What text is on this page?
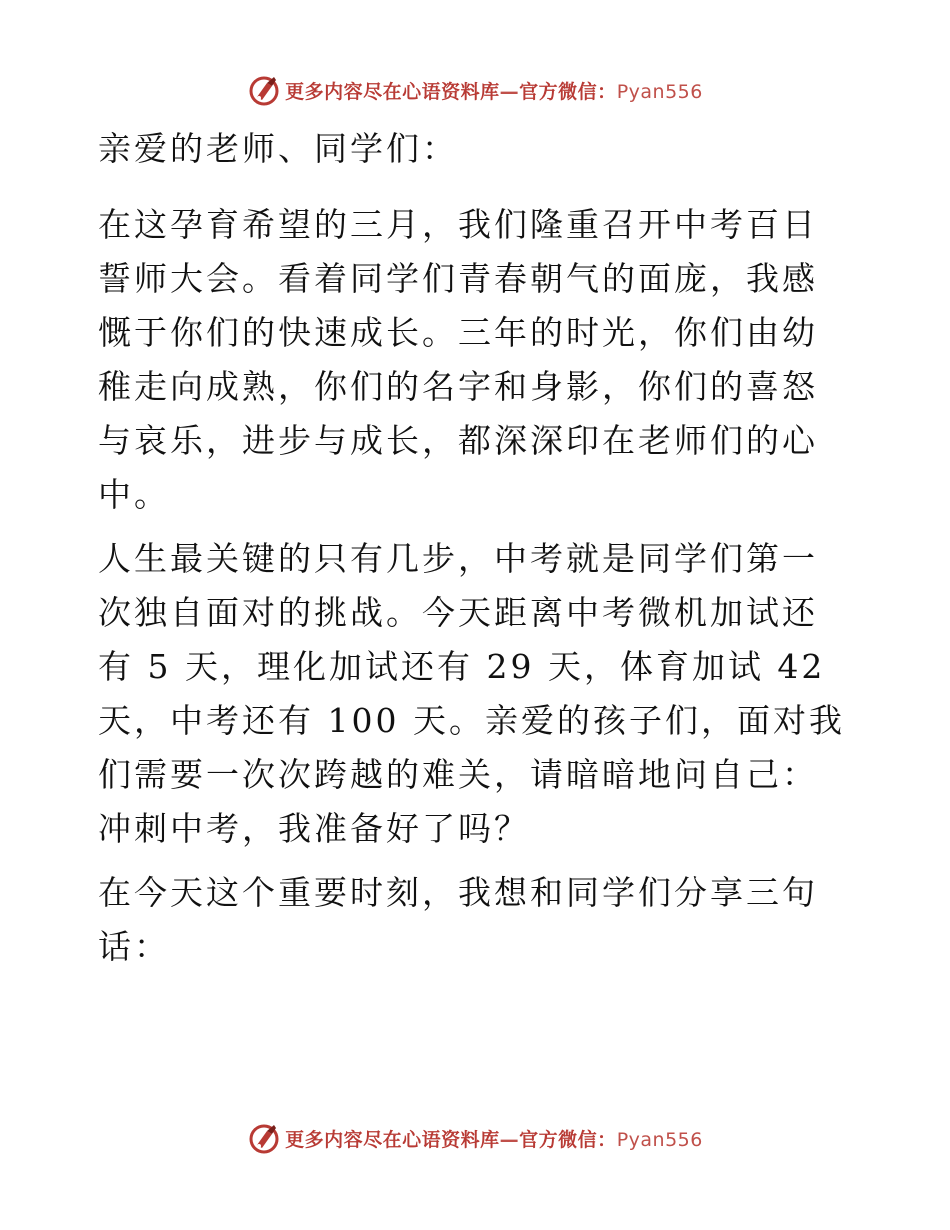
更多内容尽在心语资料库—官方微信：Pyan556

亲爱的老师、同学们：

在这孕育希望的三月，我们隆重召开中考百日誓师大会。看着同学们青春朝气的面庞，我感慨于你们的快速成长。三年的时光，你们由幼稚走向成熟，你们的名字和身影，你们的喜怒与哀乐，进步与成长，都深深印在老师们的心中。

人生最关键的只有几步，中考就是同学们第一次独自面对的挑战。今天距离中考微机加试还有 5 天，理化加试还有 29 天，体育加试 42 天，中考还有 100 天。亲爱的孩子们，面对我们需要一次次跨越的难关，请暗暗地问自己：冲刺中考，我准备好了吗？

在今天这个重要时刻，我想和同学们分享三句话：

更多内容尽在心语资料库—官方微信：Pyan556
